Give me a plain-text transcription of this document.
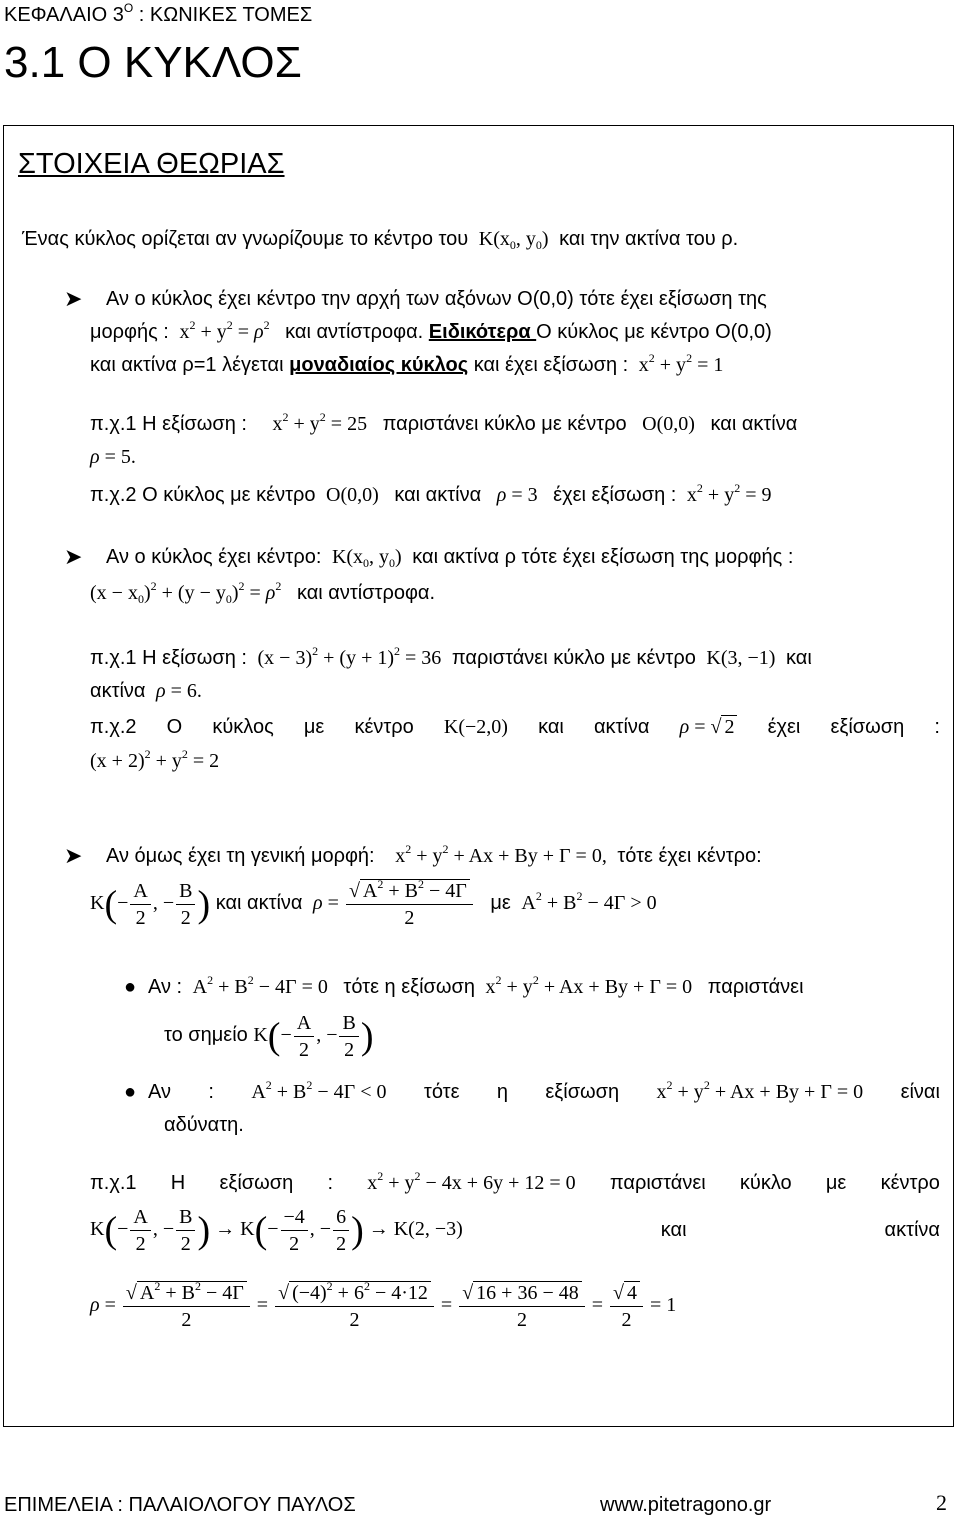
ΚΕΦΑΛΑΙΟ $3^O$ : ΚΩΝΙΚΕΣ ΤΟΜΕΣ
3.1 Ο ΚΥΚΛΟΣ
ΣΤΟΙΧΕΙΑ ΘΕΩΡΙΑΣ
Ένας κύκλος ορίζεται αν γνωρίζουμε το κέντρο του  $K(x_0$, $y_0$)  και την ακτίνα του ρ.
➤ Αν ο κύκλος έχει κέντρο την αρχή των αξόνων Ο(0,0) τότε έχει εξίσωση της
μορφής :  $x^2 + y^2 = \rho^2$ και αντίστροφα. Ειδικότερα Ο κύκλος με κέντρο Ο(0,0)
και ακτίνα ρ=1 λέγεται μοναδιαίος κύκλος και έχει εξίσωση :  $x^2 + y^2 = 1$
π.χ.1 Η εξίσωση :     $x^2 + y^2 = 25$   παριστάνει κύκλο με κέντρο   O(0,0)   και ακτίνα
ρ = 5.
π.χ.2 Ο κύκλος με κέντρο  O(0,0)   και ακτίνα ρ = 3   έχει εξίσωση :  $x^2 + y^2 = 9$
➤ Αν ο κύκλος έχει κέντρο:  $K(x_0$, $y_0$)  και ακτίνα ρ τότε έχει εξίσωση της μορφής :
$(x - x_0)^2 + (y - y_0)^2 = \rho^2$ και αντίστροφα.
π.χ.1 Η εξίσωση :  $(x - 3)^2 + (y + 1)^2 = 36$  παριστάνει κύκλο με κέντρο  K(3, −1)  και
ακτίνα ρ = 6.
π.χ.2 Ο κύκλος με κέντρο K(−2,0) και ακτίνα ρ = √ 2 έχει εξίσωση :
$(x + 2)^2 + y^2 = 2$
➤ Αν όμως έχει τη γενική μορφή:    $x^2 + y^2 + Ax + By + \Gamma = 0$,  τότε έχει κέντρο:
$K(- \frac{A}{2}$ , − $\frac{B}{2}$ ) και ακτίνα $\rho = \frac{√ A^2 + B^2 - 4\Gamma}{2}$ με  $A^2 + B^2 - 4\Gamma > 0$
● Αν :  $A^2 + B^2 - 4\Gamma = 0$   τότε η εξίσωση  $x^2 + y^2 + Ax + By + \Gamma = 0$   παριστάνει
το σημείο $K(- \frac{A}{2}$ , − $\frac{B}{2}$ )
● Αν : $A^2 + B^2 - 4\Gamma < 0$ τότε η εξίσωση $x^2 + y^2 + Ax + By + \Gamma = 0$ είναι
αδύνατη.
π.χ.1 Η εξίσωση : $x^2 + y^2 - 4x + 6y + 12 = 0$ παριστάνει κύκλο με κέντρο
$K(- \frac{A}{2}$ , − $\frac{B}{2}$ ) → $K(- \frac{-4}{2}$ , − $\frac{6}{2}$ ) → K(2, −3)	και	ακτίνα
$\rho = \frac{√ A^2 + B^2 - 4\Gamma}{2} = \frac{√ (-4)^2 + 6^2 - 4\cdot 12}{2} = \frac{√ 16 + 36 - 48}{2} = \frac{√ 4}{2} = 1$
ΕΠΙΜΕΛΕΙΑ : ΠΑΛΑΙΟΛΟΓΟΥ ΠΑΥΛΟΣ	www.pitetragono.gr	2
